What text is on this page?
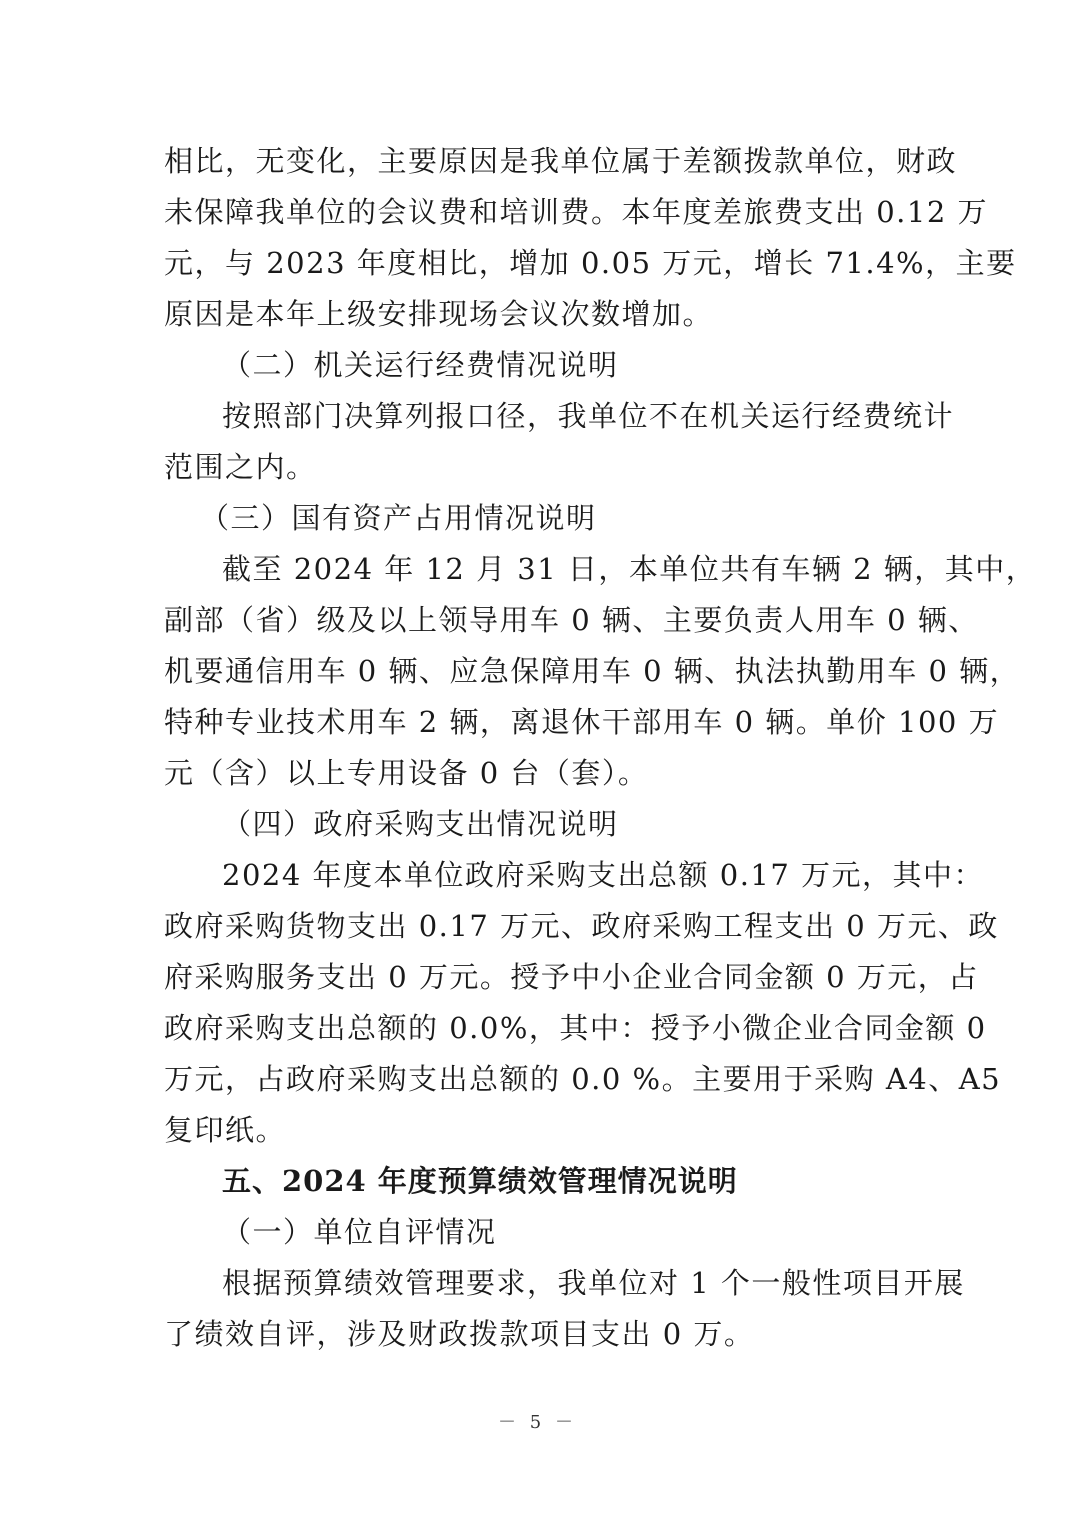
相比，无变化，主要原因是我单位属于差额拨款单位，财政
未保障我单位的会议费和培训费。本年度差旅费支出 0.12 万
元，与 2023 年度相比，增加 0.05 万元，增长 71.4%，主要
原因是本年上级安排现场会议次数增加。
（二）机关运行经费情况说明
按照部门决算列报口径，我单位不在机关运行经费统计
范围之内。
（三）国有资产占用情况说明
截至 2024 年 12 月 31 日，本单位共有车辆 2 辆，其中，
副部（省）级及以上领导用车 0 辆、主要负责人用车 0 辆、
机要通信用车 0 辆、应急保障用车 0 辆、执法执勤用车 0 辆，
特种专业技术用车 2 辆，离退休干部用车 0 辆。单价 100 万
元（含）以上专用设备 0 台（套）。
（四）政府采购支出情况说明
2024 年度本单位政府采购支出总额 0.17 万元，其中：
政府采购货物支出 0.17 万元、政府采购工程支出 0 万元、政
府采购服务支出 0 万元。授予中小企业合同金额 0 万元，占
政府采购支出总额的 0.0%，其中：授予小微企业合同金额 0
万元，占政府采购支出总额的 0.0 %。主要用于采购 A4、A5
复印纸。
五、2024 年度预算绩效管理情况说明
（一）单位自评情况
根据预算绩效管理要求，我单位对 1 个一般性项目开展
了绩效自评，涉及财政拨款项目支出 0 万。
－ 5 －
